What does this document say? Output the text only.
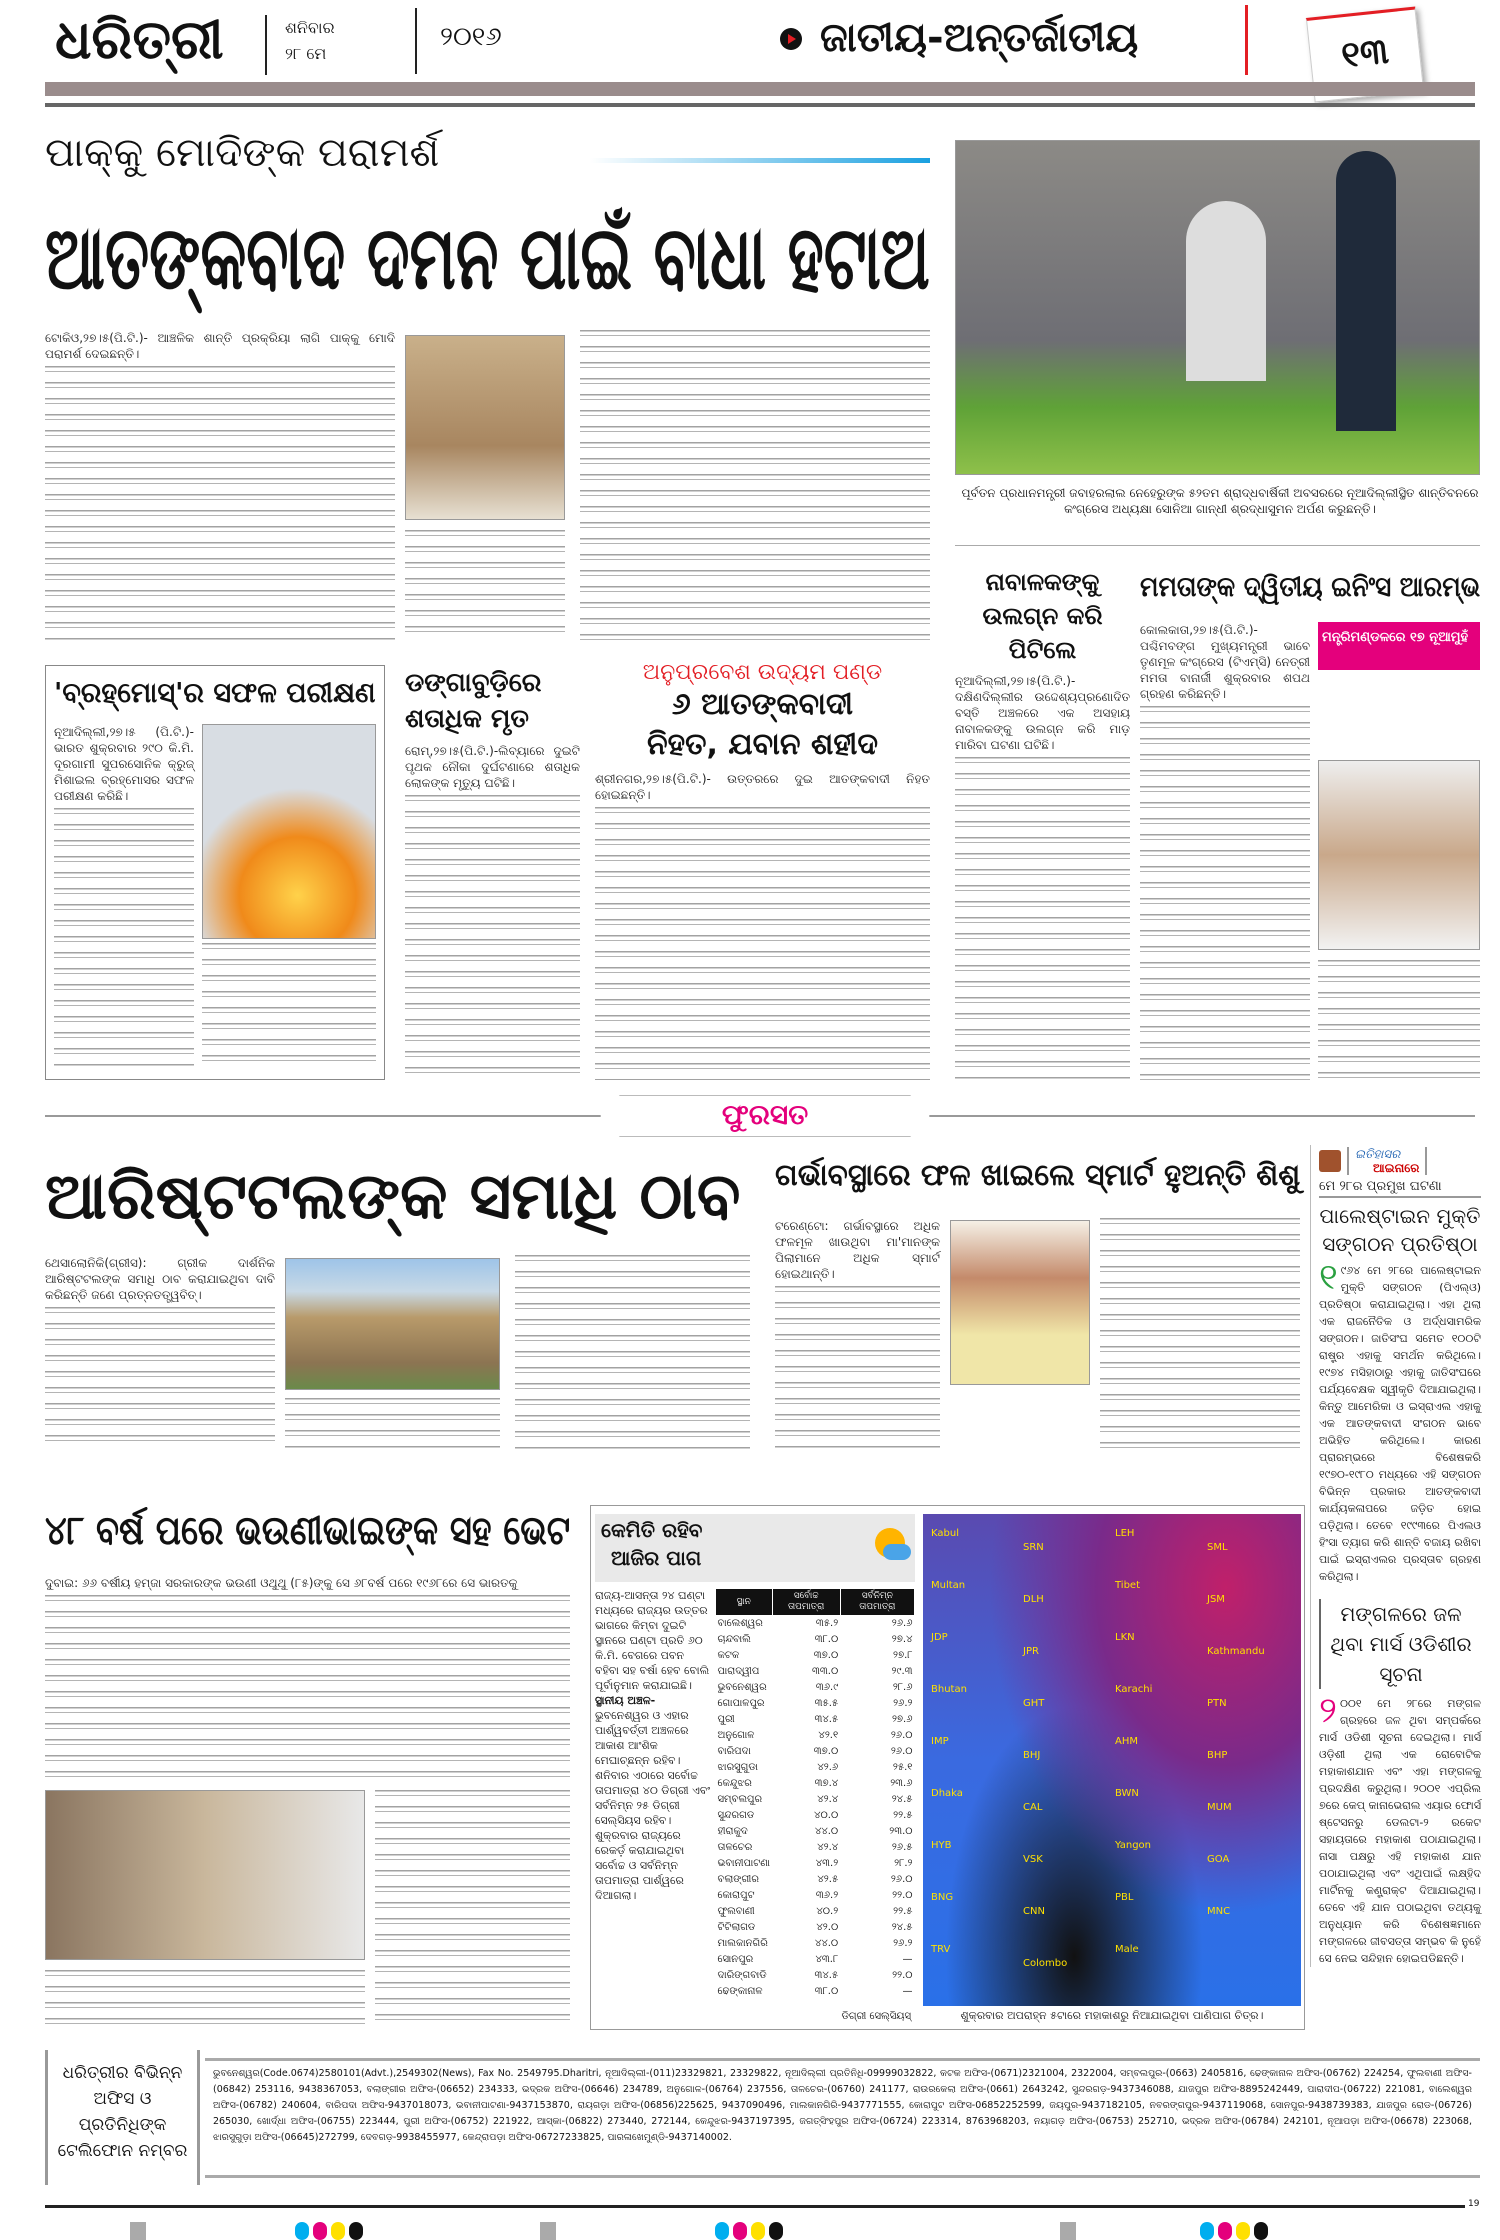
ଧରିତ୍ରୀ	ଶନିବାର
୨୮ ମେ
୨୦୧୬	ଜାତୀୟ-ଅନ୍ତର୍ଜାତୀୟ	୧୩
ପାକ୍‌କୁ ମୋଦିଙ୍କ ପରାମର୍ଶ
ଆତଙ୍କବାଦ ଦମନ ପାଇଁ ବାଧା ହଟାଅ
ଟୋକିଓ,୨୭।୫(ପି.ଟି.)- ଆଞ୍ଚଳିକ ଶାନ୍ତି ପ୍ରକ୍ରିୟା ଲାଗି ପାକ୍‌କୁ ମୋଦି ପରାମର୍ଶ ଦେଇଛନ୍ତି।
ପୂର୍ବତନ ପ୍ରଧାନମନ୍ତ୍ରୀ ଜବାହରଲାଲ ନେହେରୁଙ୍କ ୫୨ତମ ଶ୍ରାଦ୍ଧବାର୍ଷିକୀ ଅବସରରେ ନୂଆଦିଲ୍ଲୀସ୍ଥିତ ଶାନ୍ତିବନରେ କଂଗ୍ରେସ ଅଧ୍ୟକ୍ଷା ସୋନିଆ ଗାନ୍ଧୀ ଶ୍ରଦ୍ଧାସୁମନ ଅର୍ପଣ କରୁଛନ୍ତି।
'ବ୍ରହ୍ମୋସ୍'ର ସଫଳ ପରୀକ୍ଷଣ
ନୂଆଦିଲ୍ଲୀ,୨୭।୫ (ପି.ଟି.)- ଭାରତ ଶୁକ୍ରବାର ୨୯୦ କି.ମି. ଦୂରଗାମୀ ସୁପରସୋନିକ କ୍ରୁଜ୍ ମିଶାଇଲ ବ୍ରହ୍ମୋସର ସଫଳ ପରୀକ୍ଷଣ କରିଛି।
ଡଙ୍ଗାବୁଡ଼ିରେ ଶତାଧିକ ମୃତ
ରୋମ୍,୨୭।୫(ପି.ଟି.)-ଲିବ୍ୟାରେ ଦୁଇଟି ପୃଥକ ନୌକା ଦୁର୍ଘଟଣାରେ ଶତାଧିକ ଲୋକଙ୍କ ମୃତ୍ୟୁ ଘଟିଛି।
ଅନୁପ୍ରବେଶ ଉଦ୍ୟମ ପଣ୍ଡ
୬ ଆତଙ୍କବାଦୀ
ନିହତ, ଯବାନ ଶହୀଦ
ଶ୍ରୀନଗର,୨୭।୫(ପି.ଟି.)- ଉତ୍ତରରେ ଦୁଇ ଆତଙ୍କବାଦୀ ନିହତ ହୋଇଛନ୍ତି।
ନାବାଳକଙ୍କୁ ଉଲଗ୍ନ କରି ପିଟିଲେ
ନୂଆଦିଲ୍ଲୀ,୨୭।୫(ପି.ଟି.)- ଦକ୍ଷିଣଦିଲ୍ଲୀର ଉଦ୍ଦେଶ୍ୟପ୍ରଣୋଦିତ ବସ୍ତି ଅଞ୍ଚଳରେ ଏକ ଅସହାୟ ନାବାଳକଙ୍କୁ ଉଲଗ୍ନ କରି ମାଡ଼ ମାରିବା ଘଟଣା ଘଟିଛି।
ମମତାଙ୍କ ଦ୍ୱିତୀୟ ଇନିଂସ ଆରମ୍ଭ
ମନ୍ତ୍ରିମଣ୍ଡଳରେ ୧୭ ନୂଆମୁହଁ
କୋଲକାତା,୨୭।୫(ପି.ଟି.)- ପଶ୍ଚିମବଙ୍ଗ ମୁଖ୍ୟମନ୍ତ୍ରୀ ଭାବେ ତୃଣମୂଳ କଂଗ୍ରେସ (ଟିଏମ୍‌ସି) ନେତ୍ରୀ ମମତା ବାନାର୍ଜୀ ଶୁକ୍ରବାର ଶପଥ ଗ୍ରହଣ କରିଛନ୍ତି।
ଫୁରସତ
ଆରିଷ୍ଟଟଲଙ୍କ ସମାଧି ଠାବ
ଥେସାଲୋନିକି(ଗ୍ରୀସ): ଗ୍ରୀକ ଦାର୍ଶନିକ ଆରିଷ୍ଟଟଲଙ୍କ ସମାଧି ଠାବ କରାଯାଇଥିବା ଦାବି କରିଛନ୍ତି ଜଣେ ପ୍ରତ୍ନତତ୍ତ୍ୱବିତ୍।
ଗର୍ଭାବସ୍ଥାରେ ଫଳ ଖାଇଲେ ସ୍ମାର୍ଟ ହୁଅନ୍ତି ଶିଶୁ
ଟରେଣ୍ଟୋ: ଗର୍ଭାବସ୍ଥାରେ ଅଧିକ ଫଳମୂଳ ଖାଉଥିବା ମା'ମାନଙ୍କ ପିଲାମାନେ ଅଧିକ ସ୍ମାର୍ଟ ହୋଇଥାନ୍ତି।
୪୮ ବର୍ଷ ପରେ ଭଉଣୀଭାଇଙ୍କ ସହ ଭେଟ
ଦୁବାଇ: ୬୬ ବର୍ଷୀୟ ହମ୍‌ଜା ସରକାରଙ୍କ ଭଉଣୀ ଓଥୁଥୁ (୮୫)ଙ୍କୁ ସେ ୬୮ବର୍ଷ ପରେ ୧୯୬୮ରେ ସେ ଭାରତକୁ
କେମିତି ରହିବ
ଆଜିର ପାଗ
ରାଜ୍ୟ-ଆସନ୍ତା ୨୪ ଘଣ୍ଟା ମଧ୍ୟରେ ରାଜ୍ୟର ଉତ୍ତର ଭାଗରେ କିମ୍ବା ଦୁଇଟି ସ୍ଥାନରେ ଘଣ୍ଟା ପ୍ରତି ୬୦ କି.ମି. ବେଗରେ ପବନ ବହିବା ସହ ବର୍ଷା ହେବ ବୋଲି ପୂର୍ବାନୁମାନ କରାଯାଇଛି।
ସ୍ଥାନୀୟ ଅଞ୍ଚଳ- ଭୁବନେଶ୍ୱର ଓ ଏହାର ପାର୍ଶ୍ୱବର୍ତ୍ତୀ ଅଞ୍ଚଳରେ ଆକାଶ ଆଂଶିକ ମେଘାଚ୍ଛନ୍ନ ରହିବ। ଶନିବାର ଏଠାରେ ସର୍ବୋଚ୍ଚ ତାପମାତ୍ରା ୪୦ ଡିଗ୍ରୀ ଏବଂ ସର୍ବନିମ୍ନ ୨୫ ଡିଗ୍ରୀ ସେଲ୍‌ସିୟସ ରହିବ। ଶୁକ୍ରବାର ରାଜ୍ୟରେ ରେକର୍ଡ଼ କରାଯାଇଥିବା ସର୍ବୋଚ୍ଚ ଓ ସର୍ବନିମ୍ନ ତାପମାତ୍ରା ପାର୍ଶ୍ୱରେ ଦିଆଗଲା।
ସ୍ଥାନ	ସର୍ବୋଚ୍ଚ ତାପମାତ୍ରା	ସର୍ବନିମ୍ନ ତାପମାତ୍ରା
ବାଲେଶ୍ୱର	୩୫.୨	୨୬.୬
ଚାନ୍ଦବାଲି	୩୮.୦	୨୭.୪
କଟକ	୩୭.୦	୨୭.୮
ପାରାଦ୍ୱୀପ	୩୩.୦	୨୯.୩
ଭୁବନେଶ୍ୱର	୩୬.୯	୨୮.୬
ଗୋପାଳପୁର	୩୫.୫	୨୬.୨
ପୁରୀ	୩୪.୫	୨୭.୬
ଅନୁଗୋଳ	୪୨.୧	୨୬.୦
ବାରିପଦା	୩୭.୦	୨୬.୦
ଝାରସୁଗୁଡା	୪୨.୬	୨୫.୧
କେନ୍ଦୁଝର	୩୭.୪	୨୩.୬
ସମ୍ବଲପୁର	୪୨.୪	୨୪.୫
ସୁନ୍ଦରଗଡ	୪୦.୦	୨୨.୫
ହୀରାକୁଦ	୪୪.୦	୨୩.୦
ତାଳଚେର	୪୨.୪	୨୬.୫
ଭବାନୀପାଟଣା	୪୩.୨	୨୮.୨
ବଲାଙ୍ଗୀର	୪୨.୫	୨୬.୦
କୋରାପୁଟ	୩୬.୨	୨୨.୦
ଫୁଲବାଣୀ	୪୦.୨	୨୨.୫
ଟିଟିଲାଗଡ	୪୨.୦	୨୪.୫
ମାଲକାନଗିରି	୪୪.୦	୨୬.୨
ସୋନପୁର	୪୩.୮	—
ଦାରିଙ୍ଗବାଡି	୩୪.୫	୨୨.୦
ଢେଙ୍କାନାଳ	୩୮.୦	—
ଡିଗ୍ରୀ ସେଲ୍‌ସିୟସ୍
Kabul
SRN
LEH
SML
Multan
DLH
Tibet
JSM
JDP
JPR
LKN
Kathmandu
Bhutan
GHT
Karachi
PTN
IMP
BHJ
AHM
BHP
Dhaka
CAL
BWN
MUM
HYB
VSK
Yangon
GOA
BNG
CNN
PBL
MNC
TRV
Colombo
Male
ଶୁକ୍ରବାର ଅପରାହ୍ନ ୫ଟାରେ ମହାକାଶରୁ ନିଆଯାଇଥିବା ପାଣିପାଗ ଚିତ୍ର।
ଇତିହାସର
ଆଇନାରେ
ମେ ୨୮ର ପ୍ରମୁଖ ଘଟଣା
ପାଲେଷ୍ଟାଇନ ମୁକ୍ତି ସଙ୍ଗଠନ ପ୍ରତିଷ୍ଠା
୧ ୯୬୪ ମେ ୨୮ରେ ପାଲେଷ୍ଟାଇନ ମୁକ୍ତି ସଙ୍ଗଠନ (ପିଏଲ୍‌ଓ) ପ୍ରତିଷ୍ଠା କରାଯାଇଥିଲା। ଏହା ଥିଲା ଏକ ରାଜନୈତିକ ଓ ଅର୍ଦ୍ଧସାମରିକ ସଙ୍ଗଠନ। ଜାତିସଂଘ ସମେତ ୧୦୦ଟି ରାଷ୍ଟ୍ର ଏହାକୁ ସମର୍ଥନ କରିଥିଲେ। ୧୯୭୪ ମସିହାଠାରୁ ଏହାକୁ ଜାତିସଂଘରେ ପର୍ଯ୍ୟବେକ୍ଷକ ସ୍ୱୀକୃତି ଦିଆଯାଇଥିଲା। କିନ୍ତୁ ଆମେରିକା ଓ ଇସ୍ରାଏଲ ଏହାକୁ ଏକ ଆତଙ୍କବାଦୀ ସଂଗଠନ ଭାବେ ଅଭିହିତ କରିଥିଲେ। କାରଣ ପ୍ରାରମ୍ଭରେ ବିଶେଷକରି ୧୯୭୦-୧୯୮୦ ମଧ୍ୟରେ ଏହି ସଙ୍ଗଠନ ବିଭିନ୍ନ ପ୍ରକାର ଆତଙ୍କବାଦୀ କାର୍ଯ୍ୟକଳାପରେ ଜଡ଼ିତ ହୋଇ ପଡ଼ିଥିଲା। ତେବେ ୧୯୯୩ରେ ପିଏଲଓ ହିଂସା ତ୍ୟାଗ କରି ଶାନ୍ତି ବଜାୟ ରଖିବା ପାଇଁ ଇସ୍ରାଏଲର ପ୍ରସ୍ତାବ ଗ୍ରହଣ କରିଥିଲା।
ମଙ୍ଗଳରେ ଜଳ ଥିବା ମାର୍ସ ଓଡିଶୀର ସୂଚନା
୨ ୦୦୧ ମେ ୨୮ରେ ମଙ୍ଗଳ ଗ୍ରହରେ ଜଳ ଥିବା ସମ୍ପର୍କରେ ମାର୍ସ ଓଡିଶୀ ସୂଚନା ଦେଇଥିଲା। ମାର୍ସ ଓଡ଼ିଶୀ ଥିଲା ଏକ ରୋବୋଟିକ ମହାକାଶଯାନ ଏବଂ ଏହା ମଙ୍ଗଳକୁ ପ୍ରଦକ୍ଷିଣ କରୁଥିଲା। ୨୦୦୧ ଏପ୍ରିଲ ୭ରେ କେପ୍ କାନାଭେରାଲ ଏୟାର ଫୋର୍ସ ଷ୍ଟେସନରୁ ଡେଲଟା-୨ ରକେଟ ସହାୟତାରେ ମହାକାଶ ପଠାଯାଇଥିଲା। ନାସା ପକ୍ଷରୁ ଏହି ମହାକାଶ ଯାନ ପଠାଯାଇଥିଲା ଏବଂ ଏଥିପାଇଁ ଲକ୍ଷ୍ହିଦ ମାର୍ଟିନକୁ କଣ୍ଟ୍ରାକ୍ଟ ଦିଆଯାଇଥିଲା। ତେବେ ଏହି ଯାନ ପଠାଇଥିବା ତଥ୍ୟକୁ ଅନୁଧ୍ୟାନ କରି ବିଶେଷଜ୍ଞମାନେ ମଙ୍ଗଳରେ ଜୀବସତ୍ତା ସମ୍ଭବ କି ନୁହେଁ ସେ ନେଇ ସନ୍ଦିହାନ ହୋଇପଡିଛନ୍ତି।
ଧରିତ୍ରୀର ବିଭିନ୍ନ ଅଫିସ ଓ ପ୍ରତିନିଧିଙ୍କ ଟେଲିଫୋନ ନମ୍ବର
ଭୁବନେଶ୍ୱର(Code.0674)2580101(Advt.),2549302(News), Fax No. 2549795.Dharitri, ନୂଆଦିଲ୍ଲୀ-(011)23329821, 23329822, ନୂଆଦିଲ୍ଲୀ ପ୍ରତିନିଧି-09999032822, କଟକ ଅଫିସ-(0671)2321004, 2322004, ସମ୍ବଲପୁର-(0663) 2405816, ଢେଙ୍କାନାଳ ଅଫିସ-(06762) 224254, ଫୁଲବାଣୀ ଅଫିସ-(06842) 253116, 9438367053, ବଲାଙ୍ଗୀର ଅଫିସ-(06652) 234333, ଭଦ୍ରକ ଅଫିସ-(06646) 234789, ଅନୁଗୋଳ-(06764) 237556, ତାଳଚେର-(06760) 241177, ରାଉରକେଲା ଅଫିସ-(0661) 2643242, ସୁନ୍ଦରଗଡ଼-9437346088, ଯାଜପୁର ଅଫିସ-8895242449, ପାରାଦୀପ-(06722) 221081, ବାଲେଶ୍ୱର ଅଫିସ-(06782) 240604, ବାରିପଦା ଅଫିସ-9437018073, ଭବାନୀପାଟଣା-9437153870, ରାୟଗଡ଼ା ଅଫିସ-(06856)225625, 9437090496, ମାଲକାନଗିରି-9437771555, କୋରାପୁଟ ଅଫିସ-06852252599, ଜୟପୁର-9437182105, ନବରଙ୍ଗପୁର-9437119068, ସୋନପୁର-9438739383, ଯାଜପୁର ରୋଡ-(06726) 265030, ଖୋର୍ଦ୍ଧା ଅଫିସ-(06755) 223444, ପୁରୀ ଅଫିସ-(06752) 221922, ଆସ୍କା-(06822) 273440, 272144, କେନ୍ଦୁଝର-9437197395, ଜଗତ୍‌ସିଂହପୁର ଅଫିସ-(06724) 223314, 8763968203, ନୟାଗଡ଼ ଅଫିସ-(06753) 252710, ଭଦ୍ରକ ଅଫିସ-(06784) 242101, ନୂଆପଡ଼ା ଅଫିସ-(06678) 223068, ଝାରସୁଗୁଡ଼ା ଅଫିସ-(06645)272799, ଦେବଗଡ଼-9938455977, କେନ୍ଦ୍ରାପଡ଼ା ଅଫିସ-06727233825, ପାରଳାଖେମୁଣ୍ଡି-9437140002.
19
